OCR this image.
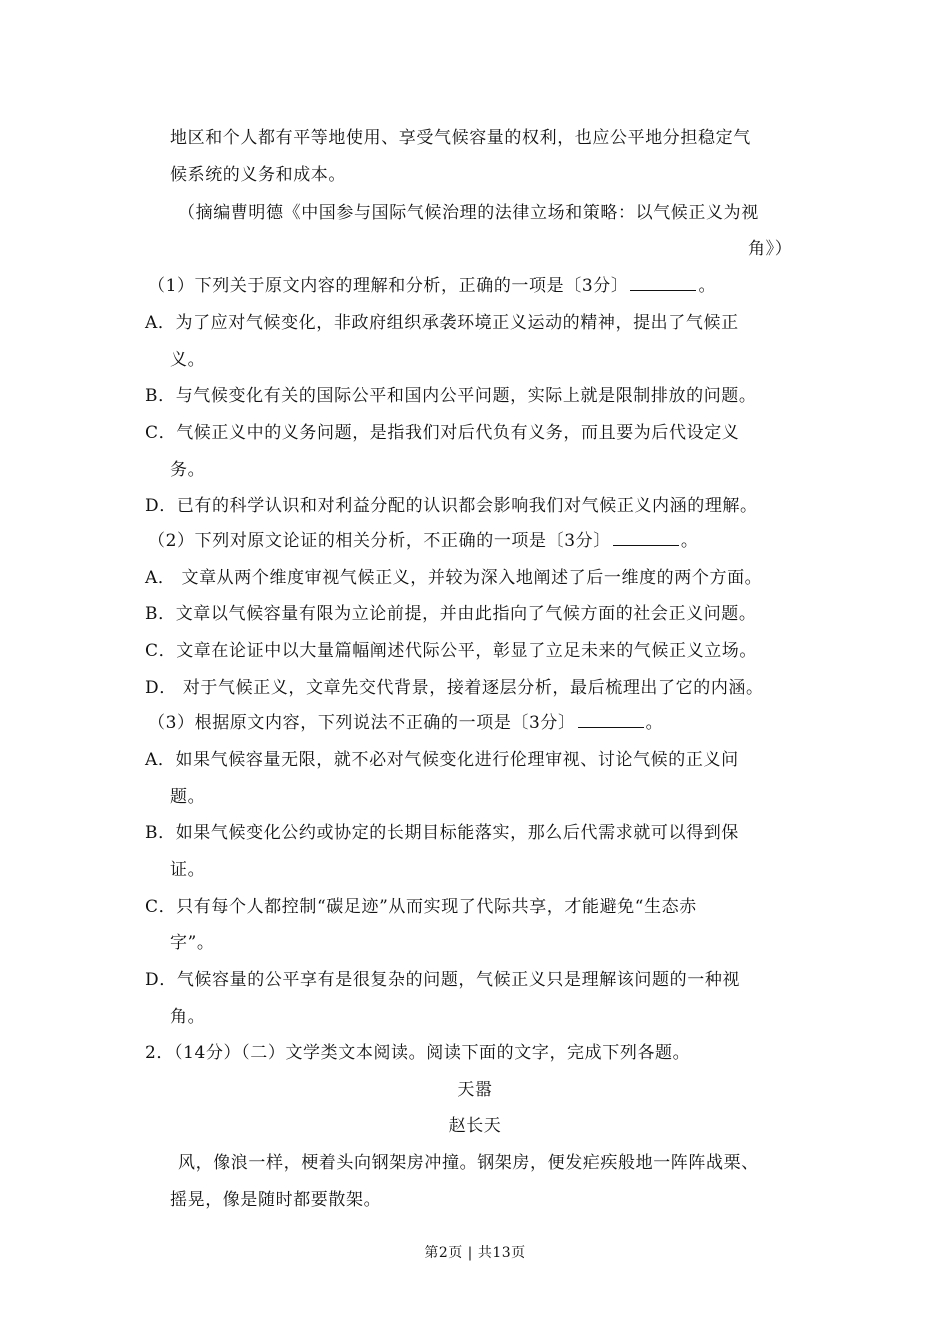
地区和个人都有平等地使用、享受气候容量的权利，也应公平地分担稳定气
候系统的义务和成本。
（摘编曹明德《中国参与国际气候治理的法律立场和策略：以气候正义为视
角》）
（1）下列关于原文内容的理解和分析，正确的一项是〔3分〕	。
A．为了应对气候变化，非政府组织承袭环境正义运动的精神，提出了气候正
义。
B．与气候变化有关的国际公平和国内公平问题，实际上就是限制排放的问题。
C．气候正义中的义务问题，是指我们对后代负有义务，而且要为后代设定义
务。
D．已有的科学认识和对利益分配的认识都会影响我们对气候正义内涵的理解。
（2）下列对原文论证的相关分析，不正确的一项是〔3分〕	。
A． 文章从两个维度审视气候正义，并较为深入地阐述了后一维度的两个方面。
B．文章以气候容量有限为立论前提，并由此指向了气候方面的社会正义问题。
C．文章在论证中以大量篇幅阐述代际公平，彰显了立足未来的气候正义立场。
D． 对于气候正义，文章先交代背景，接着逐层分析，最后梳理出了它的内涵。
（3）根据原文内容，下列说法不正确的一项是〔3分〕	。
A．如果气候容量无限，就不必对气候变化进行伦理审视、讨论气候的正义问
题。
B．如果气候变化公约或协定的长期目标能落实，那么后代需求就可以得到保
证。
C．只有每个人都控制“碳足迹”从而实现了代际共享，才能避免“生态赤
字”。
D．气候容量的公平享有是很复杂的问题，气候正义只是理解该问题的一种视
角。
2．（14分）（二）文学类文本阅读。阅读下面的文字，完成下列各题。
天嚣
赵长天
风，像浪一样，梗着头向钢架房冲撞。钢架房，便发疟疾般地一阵阵战栗、
摇晃，像是随时都要散架。
第2页 | 共13页
